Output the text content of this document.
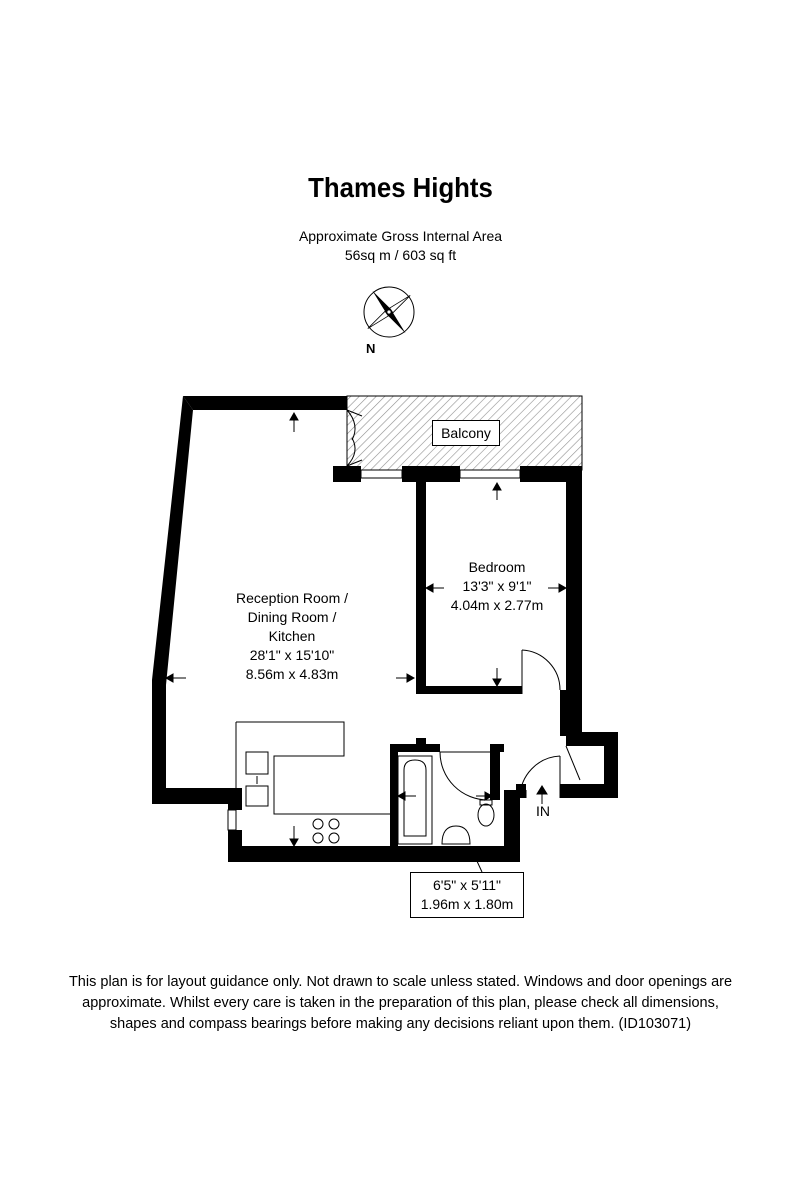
Thames Hights
Approximate Gross Internal Area
56sq m / 603 sq ft
N
Balcony
Reception Room /
Dining Room /
Kitchen
28'1" x 15'10"
8.56m x 4.83m
Bedroom
13'3" x 9'1"
4.04m x 2.77m
6'5" x 5'11"
1.96m x 1.80m
IN
This plan is for layout guidance only. Not drawn to scale unless stated. Windows and door openings are
approximate. Whilst every care is taken in the preparation of this plan, please check all dimensions,
shapes and compass bearings before making any decisions reliant upon them. (ID103071)
